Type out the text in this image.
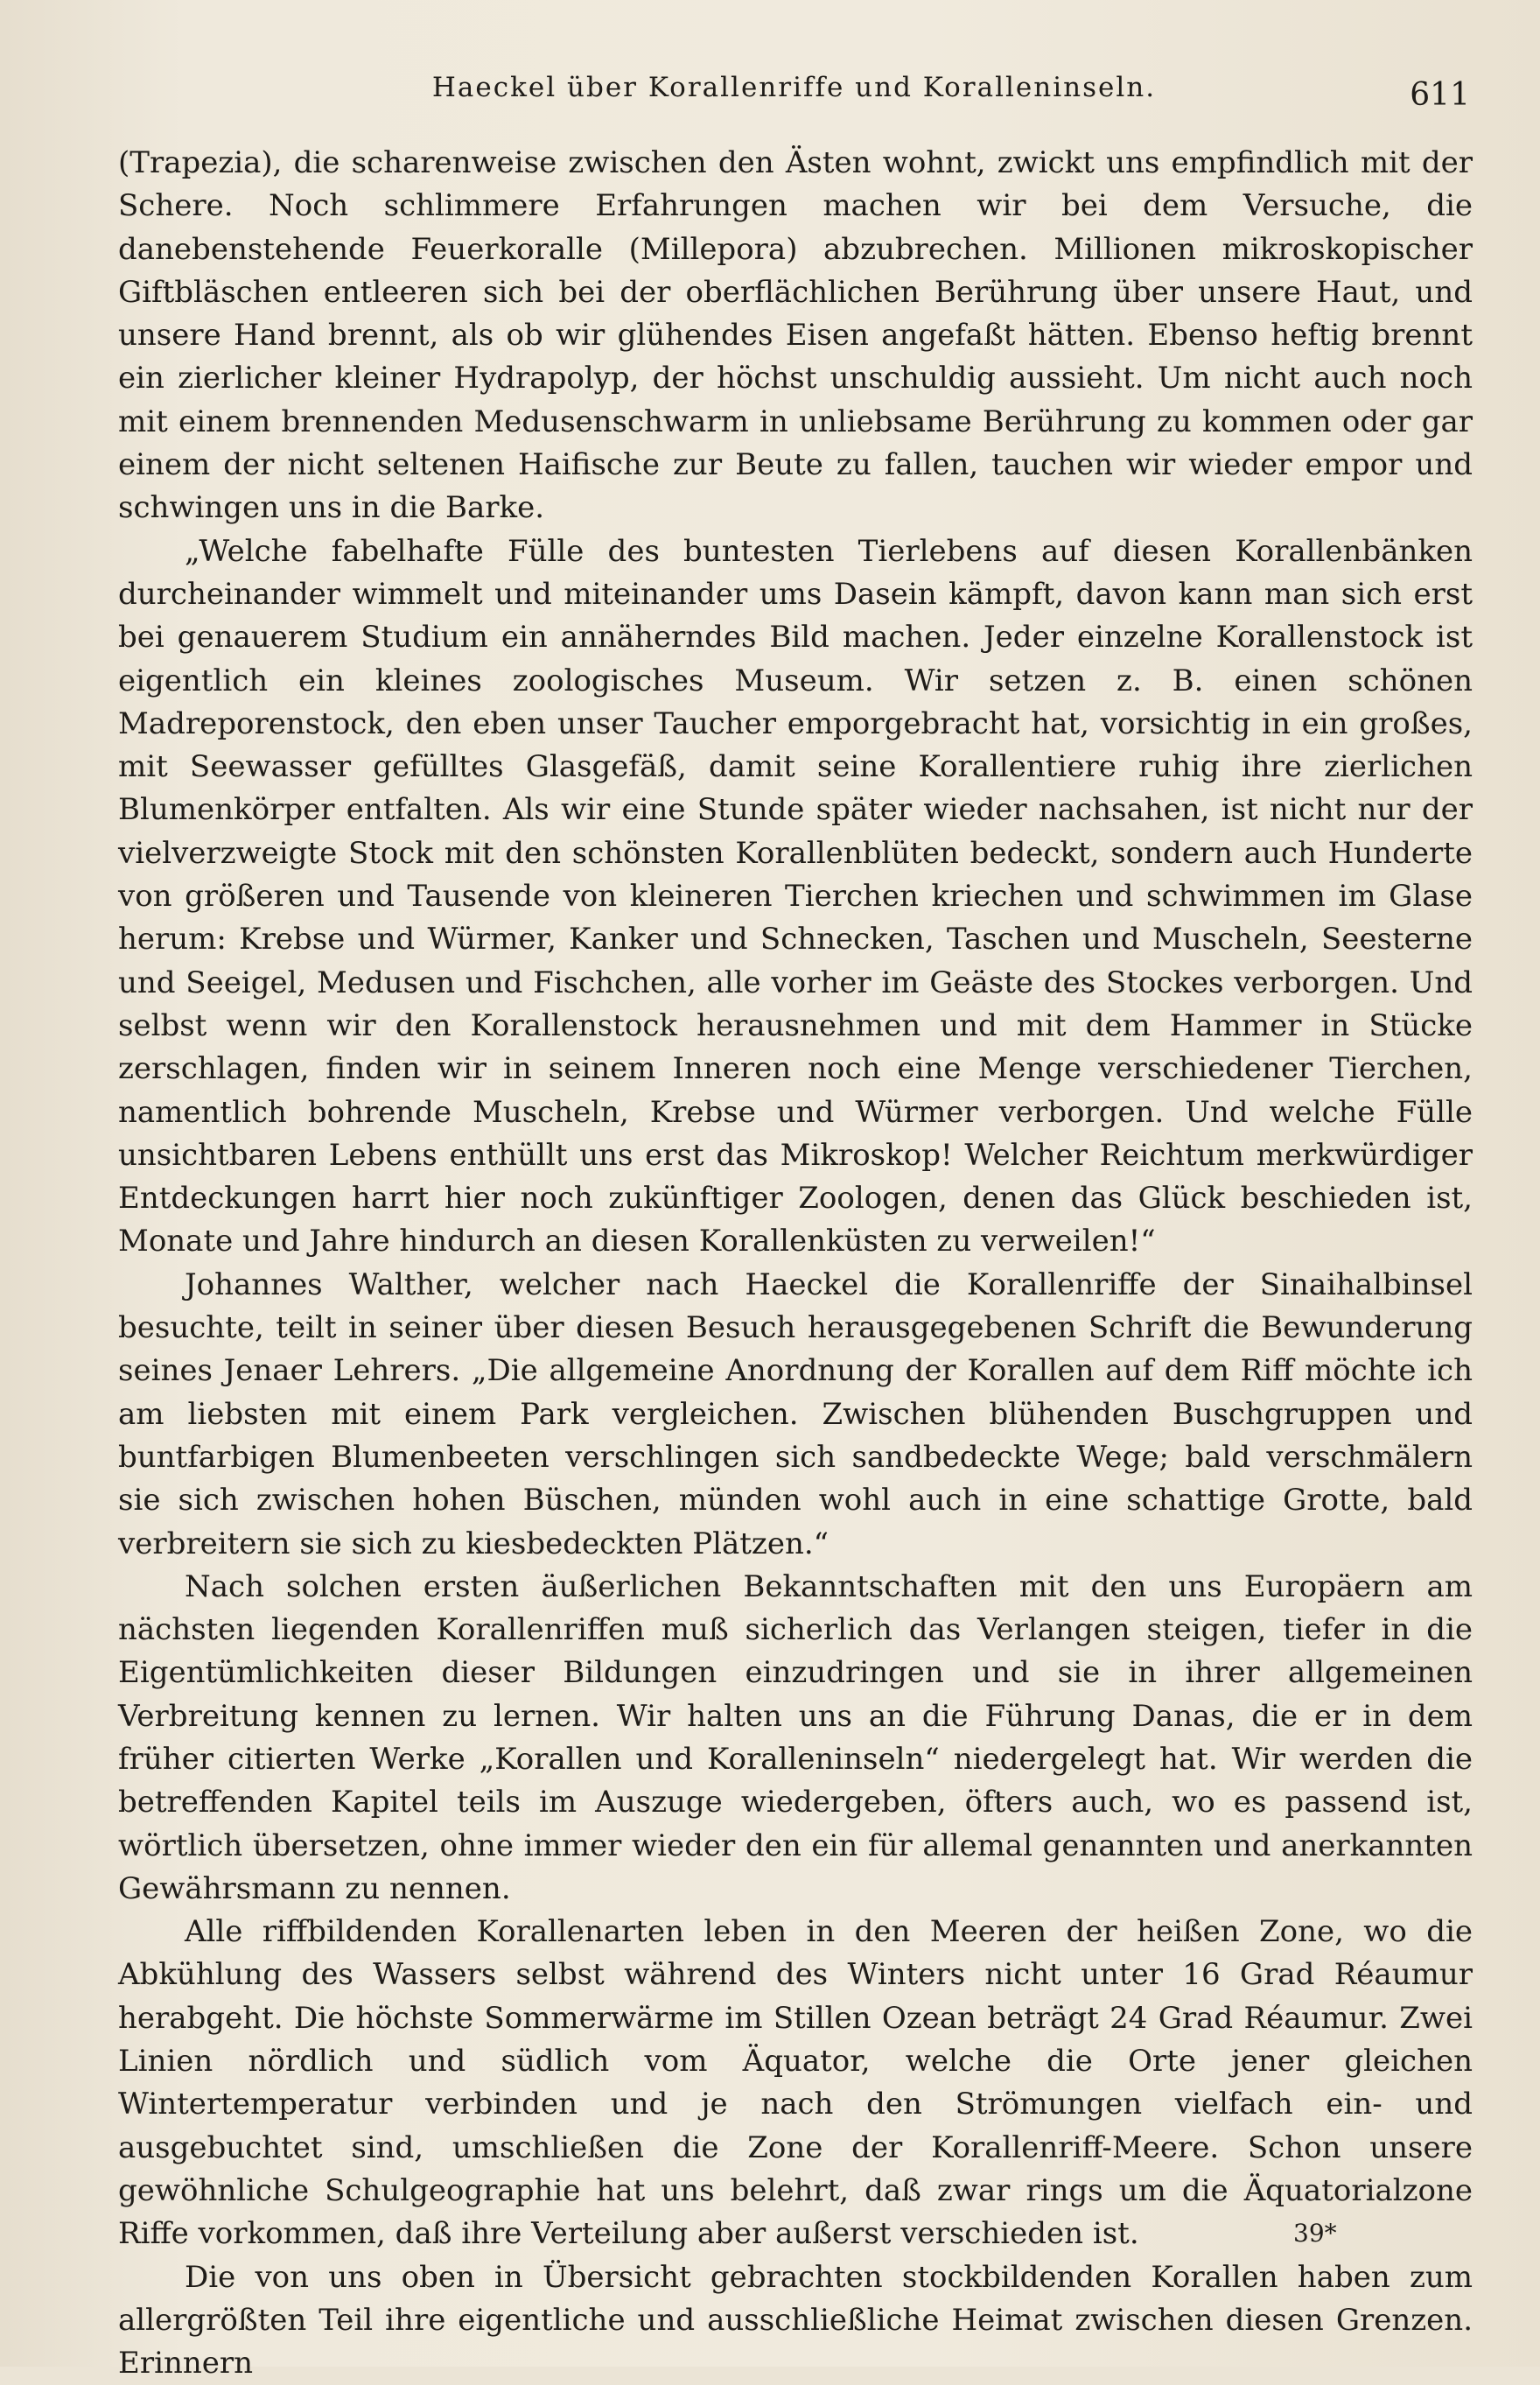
Haeckel über Korallenriffe und Koralleninseln.	611

(Trapezia), die scharenweise zwischen den Ästen wohnt, zwickt uns empfindlich mit der Schere. Noch schlimmere Erfahrungen machen wir bei dem Versuche, die danebenstehende Feuerkoralle (Millepora) abzubrechen. Millionen mikroskopischer Giftbläschen entleeren sich bei der oberflächlichen Berührung über unsere Haut, und unsere Hand brennt, als ob wir glühendes Eisen angefaßt hätten. Ebenso heftig brennt ein zierlicher kleiner Hydrapolyp, der höchst unschuldig aussieht. Um nicht auch noch mit einem brennenden Medusenschwarm in unliebsame Berührung zu kommen oder gar einem der nicht seltenen Haifische zur Beute zu fallen, tauchen wir wieder empor und schwingen uns in die Barke.

„Welche fabelhafte Fülle des buntesten Tierlebens auf diesen Korallenbänken durcheinander wimmelt und miteinander ums Dasein kämpft, davon kann man sich erst bei genauerem Studium ein annäherndes Bild machen. Jeder einzelne Korallenstock ist eigentlich ein kleines zoologisches Museum. Wir setzen z. B. einen schönen Madreporenstock, den eben unser Taucher emporgebracht hat, vorsichtig in ein großes, mit Seewasser gefülltes Glasgefäß, damit seine Korallentiere ruhig ihre zierlichen Blumenkörper entfalten. Als wir eine Stunde später wieder nachsahen, ist nicht nur der vielverzweigte Stock mit den schönsten Korallenblüten bedeckt, sondern auch Hunderte von größeren und Tausende von kleineren Tierchen kriechen und schwimmen im Glase herum: Krebse und Würmer, Kanker und Schnecken, Taschen und Muscheln, Seesterne und Seeigel, Medusen und Fischchen, alle vorher im Geäste des Stockes verborgen. Und selbst wenn wir den Korallenstock herausnehmen und mit dem Hammer in Stücke zerschlagen, finden wir in seinem Inneren noch eine Menge verschiedener Tierchen, namentlich bohrende Muscheln, Krebse und Würmer verborgen. Und welche Fülle unsichtbaren Lebens enthüllt uns erst das Mikroskop! Welcher Reichtum merkwürdiger Entdeckungen harrt hier noch zukünftiger Zoologen, denen das Glück beschieden ist, Monate und Jahre hindurch an diesen Korallenküsten zu verweilen!“

Johannes Walther, welcher nach Haeckel die Korallenriffe der Sinaihalbinsel besuchte, teilt in seiner über diesen Besuch herausgegebenen Schrift die Bewunderung seines Jenaer Lehrers. „Die allgemeine Anordnung der Korallen auf dem Riff möchte ich am liebsten mit einem Park vergleichen. Zwischen blühenden Buschgruppen und buntfarbigen Blumenbeeten verschlingen sich sandbedeckte Wege; bald verschmälern sie sich zwischen hohen Büschen, münden wohl auch in eine schattige Grotte, bald verbreitern sie sich zu kiesbedeckten Plätzen.“

Nach solchen ersten äußerlichen Bekanntschaften mit den uns Europäern am nächsten liegenden Korallenriffen muß sicherlich das Verlangen steigen, tiefer in die Eigentümlichkeiten dieser Bildungen einzudringen und sie in ihrer allgemeinen Verbreitung kennen zu lernen. Wir halten uns an die Führung Danas, die er in dem früher citierten Werke „Korallen und Koralleninseln“ niedergelegt hat. Wir werden die betreffenden Kapitel teils im Auszuge wiedergeben, öfters auch, wo es passend ist, wörtlich übersetzen, ohne immer wieder den ein für allemal genannten und anerkannten Gewährsmann zu nennen.

Alle riffbildenden Korallenarten leben in den Meeren der heißen Zone, wo die Abkühlung des Wassers selbst während des Winters nicht unter 16 Grad Réaumur herabgeht. Die höchste Sommerwärme im Stillen Ozean beträgt 24 Grad Réaumur. Zwei Linien nördlich und südlich vom Äquator, welche die Orte jener gleichen Wintertemperatur verbinden und je nach den Strömungen vielfach ein- und ausgebuchtet sind, umschließen die Zone der Korallenriff-Meere. Schon unsere gewöhnliche Schulgeographie hat uns belehrt, daß zwar rings um die Äquatorialzone Riffe vorkommen, daß ihre Verteilung aber außerst verschieden ist.

Die von uns oben in Übersicht gebrachten stockbildenden Korallen haben zum allergrößten Teil ihre eigentliche und ausschließliche Heimat zwischen diesen Grenzen. Erinnern

39*
